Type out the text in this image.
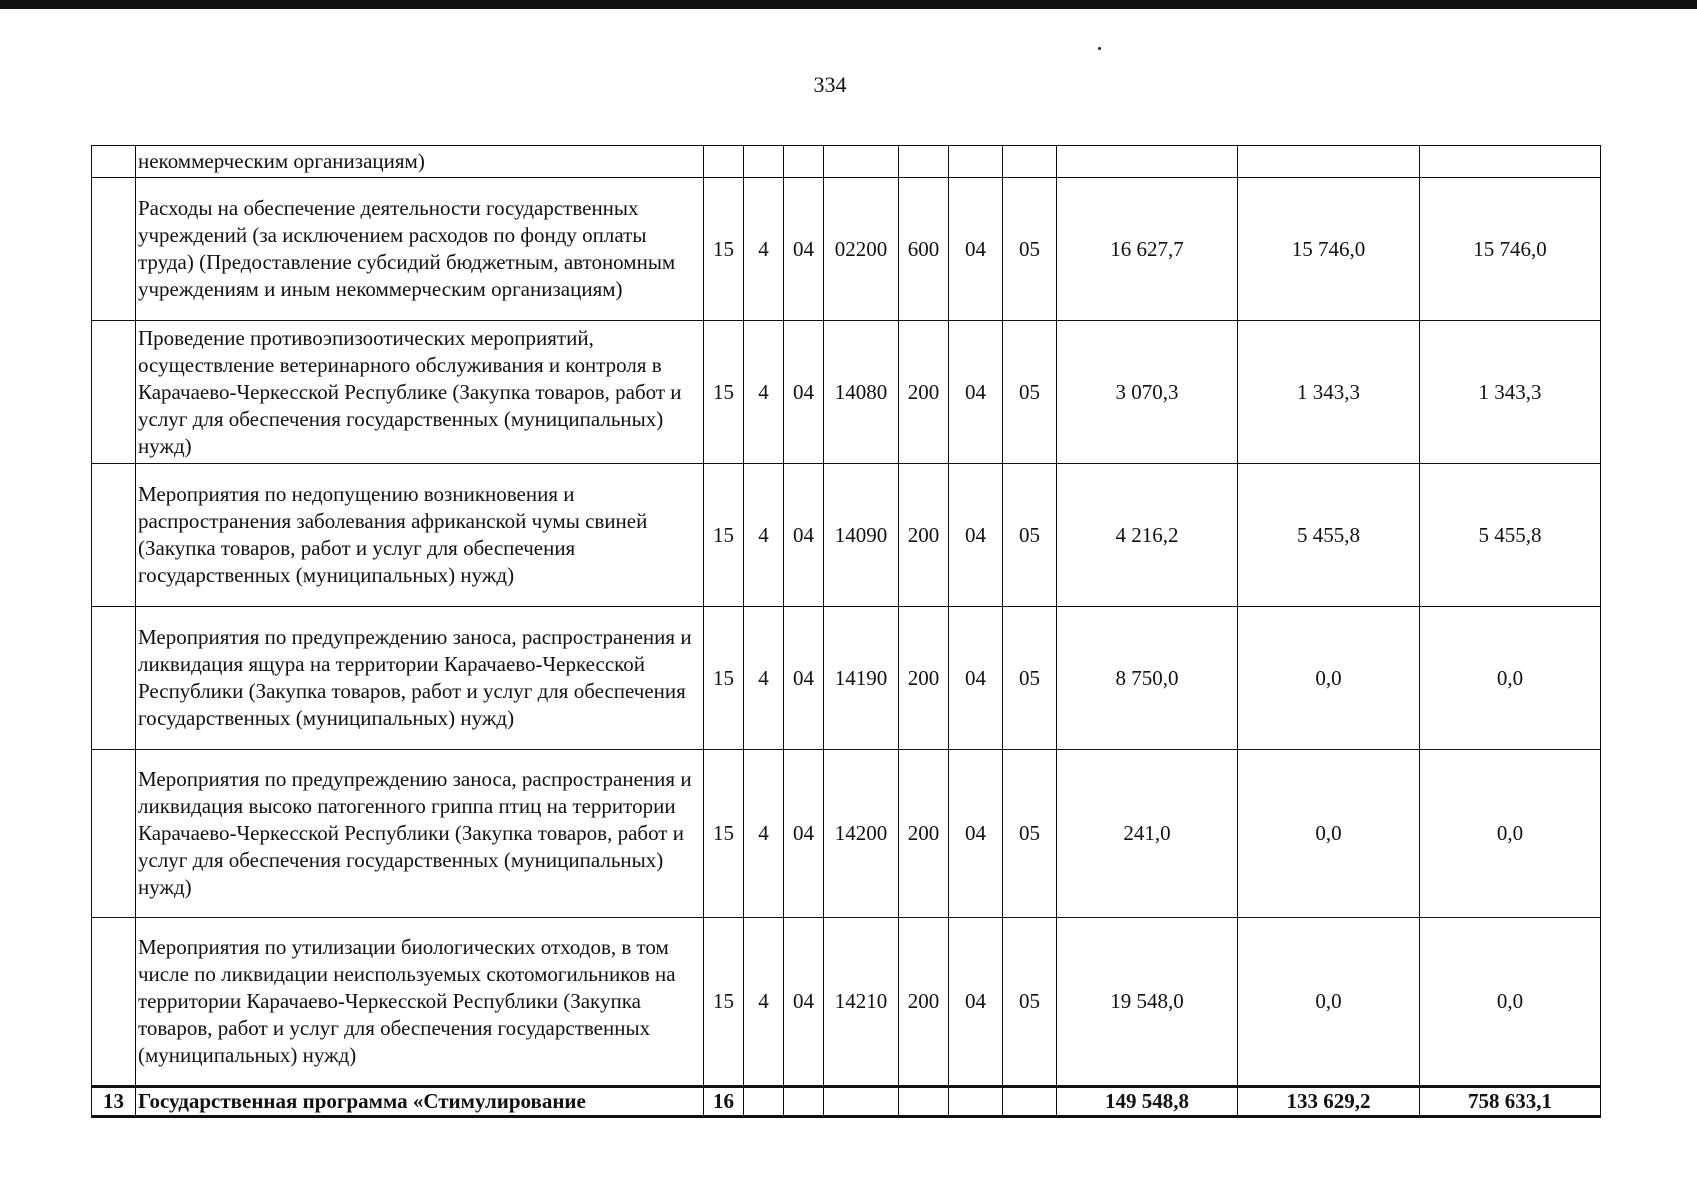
334
	некоммерческим организациям)										
	Расходы на обеспечение деятельности государственных учреждений (за исключением расходов по фонду оплаты труда) (Предоставление субсидий бюджетным, автономным учреждениям и иным некоммерческим организациям)	15	4	04	02200	600	04	05	16 627,7	15 746,0	15 746,0
	Проведение противоэпизоотических мероприятий, осуществление ветеринарного обслуживания и контроля в Карачаево-Черкесской Республике (Закупка товаров, работ и услуг для обеспечения государственных (муниципальных) нужд)	15	4	04	14080	200	04	05	3 070,3	1 343,3	1 343,3
	Мероприятия по недопущению возникновения и распространения заболевания африканской чумы свиней (Закупка товаров, работ и услуг для обеспечения государственных (муниципальных) нужд)	15	4	04	14090	200	04	05	4 216,2	5 455,8	5 455,8
	Мероприятия по предупреждению заноса, распространения и ликвидация ящура на территории Карачаево-Черкесской Республики (Закупка товаров, работ и услуг для обеспечения государственных (муниципальных) нужд)	15	4	04	14190	200	04	05	8 750,0	0,0	0,0
	Мероприятия по предупреждению заноса, распространения и ликвидация высоко патогенного гриппа птиц на территории Карачаево-Черкесской Республики (Закупка товаров, работ и услуг для обеспечения государственных (муниципальных) нужд)	15	4	04	14200	200	04	05	241,0	0,0	0,0
	Мероприятия по утилизации биологических отходов, в том числе по ликвидации неиспользуемых скотомогильников на территории Карачаево-Черкесской Республики (Закупка товаров, работ и услуг для обеспечения государственных (муниципальных) нужд)	15	4	04	14210	200	04	05	19 548,0	0,0	0,0
13	Государственная программа «Стимулирование	16							149 548,8	133 629,2	758 633,1
